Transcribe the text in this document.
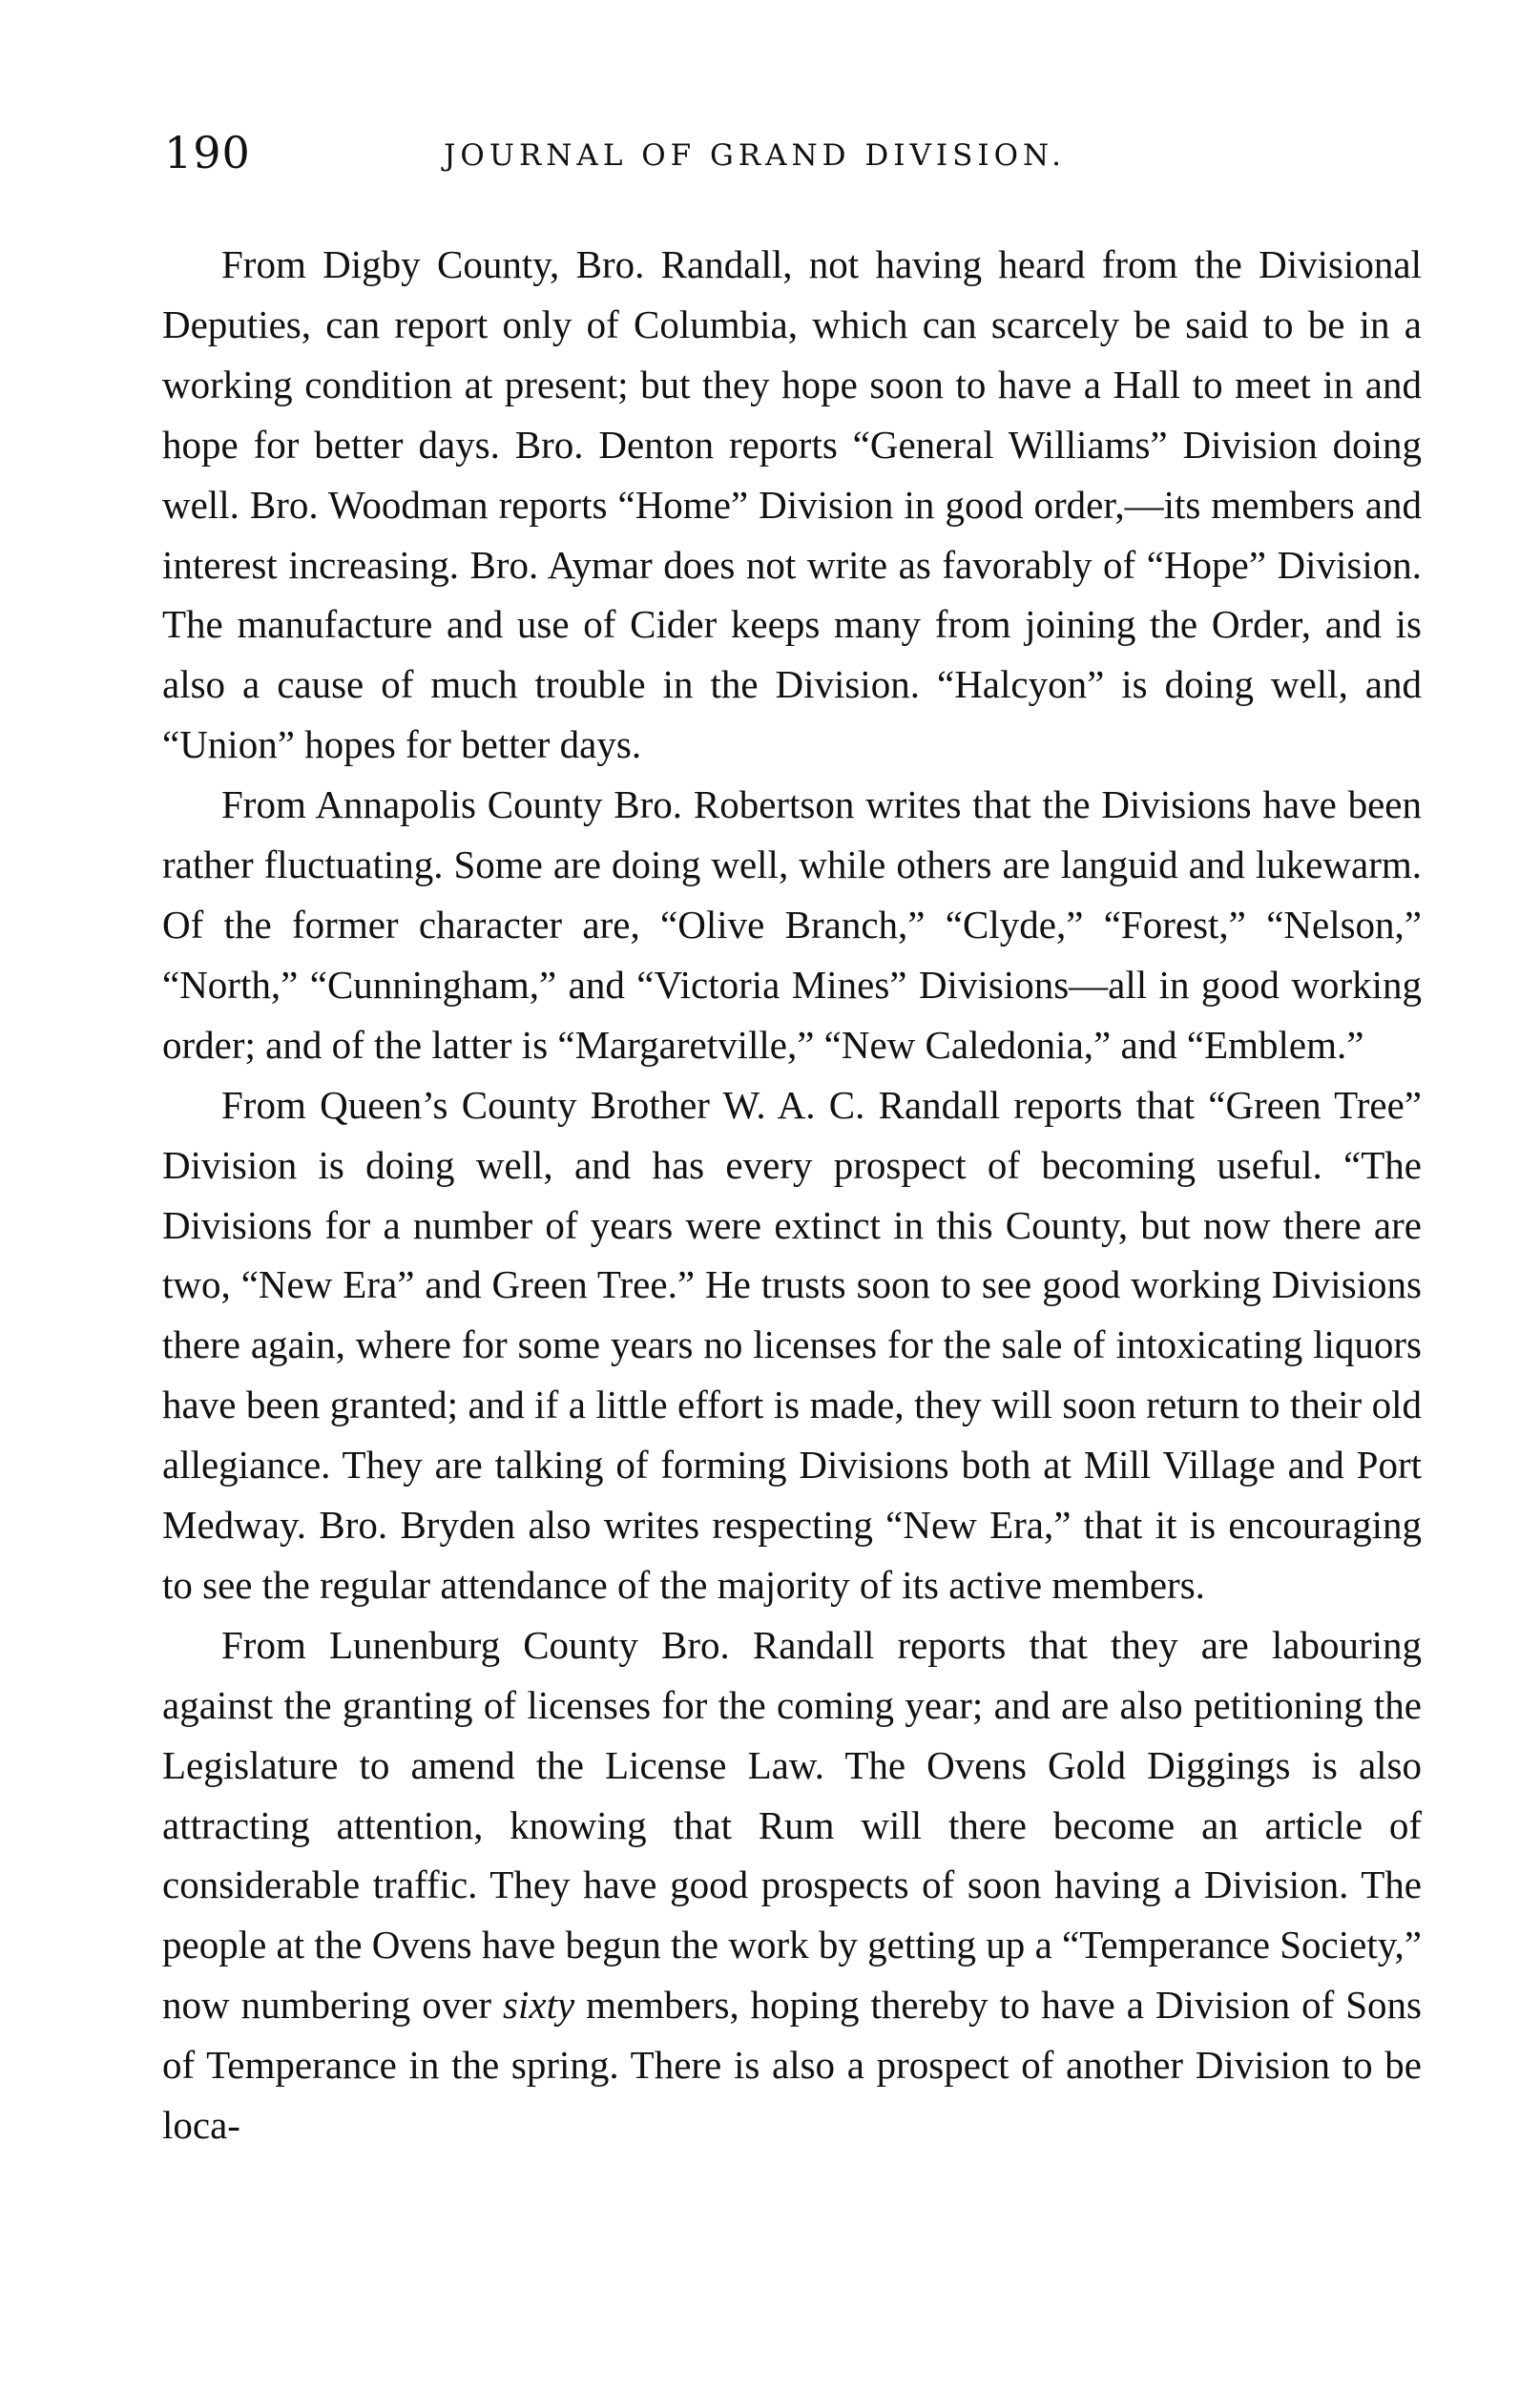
190	JOURNAL OF GRAND DIVISION.

From Digby County, Bro. Randall, not having heard from the Divisional Deputies, can report only of Columbia, which can scarcely be said to be in a working condition at present; but they hope soon to have a Hall to meet in and hope for better days. Bro. Denton reports “General Williams” Division doing well. Bro. Woodman reports “Home” Division in good order,—its members and interest increasing. Bro. Aymar does not write as favorably of “Hope” Division. The manufacture and use of Cider keeps many from joining the Order, and is also a cause of much trouble in the Division. “Halcyon” is doing well, and “Union” hopes for better days.

From Annapolis County Bro. Robertson writes that the Divisions have been rather fluctuating. Some are doing well, while others are languid and lukewarm. Of the former character are, “Olive Branch,” “Clyde,” “Forest,” “Nelson,” “North,” “Cunningham,” and “Victoria Mines” Divisions—all in good working order; and of the latter is “Margaretville,” “New Caledonia,” and “Emblem.”

From Queen’s County Brother W. A. C. Randall reports that “Green Tree” Division is doing well, and has every prospect of becoming useful. “The Divisions for a number of years were extinct in this County, but now there are two, “New Era” and Green Tree.” He trusts soon to see good working Divisions there again, where for some years no licenses for the sale of intoxicating liquors have been granted; and if a little effort is made, they will soon return to their old allegiance. They are talking of forming Divisions both at Mill Village and Port Medway. Bro. Bryden also writes respecting “New Era,” that it is encouraging to see the regular attendance of the majority of its active members.

From Lunenburg County Bro. Randall reports that they are labouring against the granting of licenses for the coming year; and are also petitioning the Legislature to amend the License Law. The Ovens Gold Diggings is also attracting attention, knowing that Rum will there become an article of considerable traffic. They have good prospects of soon having a Division. The people at the Ovens have begun the work by getting up a “Temperance Society,” now numbering over sixty members, hoping thereby to have a Division of Sons of Temperance in the spring. There is also a prospect of another Division to be loca-
